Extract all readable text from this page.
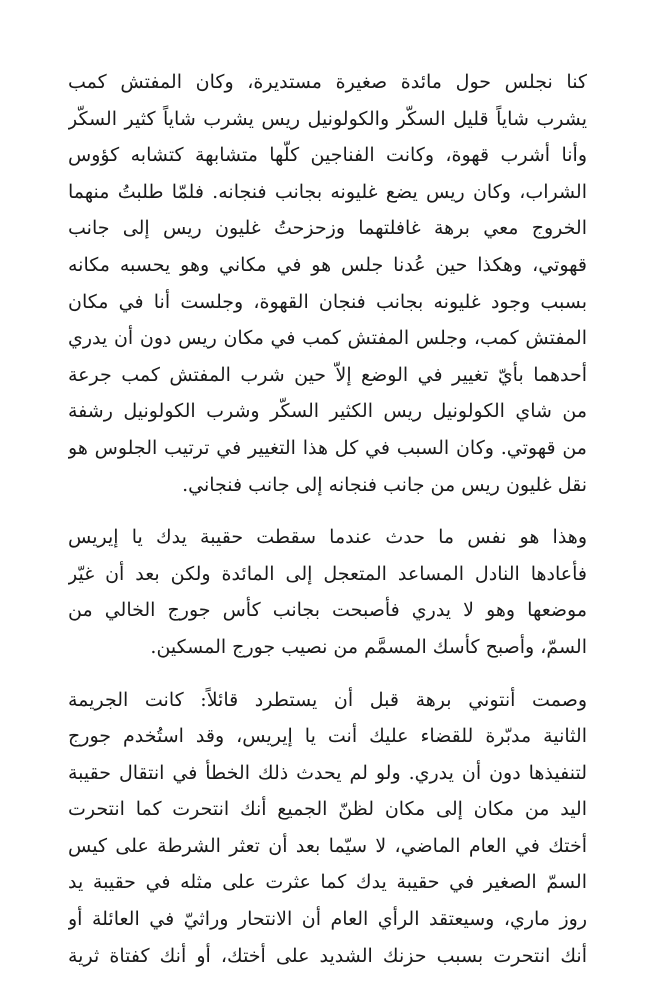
كنا نجلس حول مائدة صغيرة مستديرة، وكان المفتش كمب
يشرب شاياً قليل السكّر والكولونيل ريس يشرب شاياً كثير السكّر
وأنا أشرب قهوة، وكانت الفناجين كلّها متشابهة كتشابه كؤوس
الشراب، وكان ريس يضع غليونه بجانب فنجانه. فلمّا طلبتُ منهما
الخروج معي برهة غافلتهما وزحزحتُ غليون ريس إلى جانب
قهوتي، وهكذا حين عُدنا جلس هو في مكاني وهو يحسبه مكانه
بسبب وجود غليونه بجانب فنجان القهوة، وجلست أنا في مكان
المفتش كمب، وجلس المفتش كمب في مكان ريس دون أن يدري
أحدهما بأيّ تغيير في الوضع إلاّ حين شرب المفتش كمب جرعة
من شاي الكولونيل ريس الكثير السكّر وشرب الكولونيل رشفة
من قهوتي. وكان السبب في كل هذا التغيير في ترتيب الجلوس هو
نقل غليون ريس من جانب فنجانه إلى جانب فنجاني.
وهذا هو نفس ما حدث عندما سقطت حقيبة يدك يا إيريس
فأعادها النادل المساعد المتعجل إلى المائدة ولكن بعد أن غيّر
موضعها وهو لا يدري فأصبحت بجانب كأس جورج الخالي من
السمّ، وأصبح كأسك المسمَّم من نصيب جورج المسكين.
وصمت أنتوني برهة قبل أن يستطرد قائلاً: كانت الجريمة
الثانية مدبّرة للقضاء عليك أنت يا إيريس، وقد استُخدم جورج
لتنفيذها دون أن يدري. ولو لم يحدث ذلك الخطأ في انتقال حقيبة
اليد من مكان إلى مكان لظنّ الجميع أنك انتحرت كما انتحرت
أختك في العام الماضي، لا سيّما بعد أن تعثر الشرطة على كيس
السمّ الصغير في حقيبة يدك كما عثرت على مثله في حقيبة يد
روز ماري، وسيعتقد الرأي العام أن الانتحار وراثيّ في العائلة أو
أنك انتحرت بسبب حزنك الشديد على أختك، أو أنك كفتاة ثرية
